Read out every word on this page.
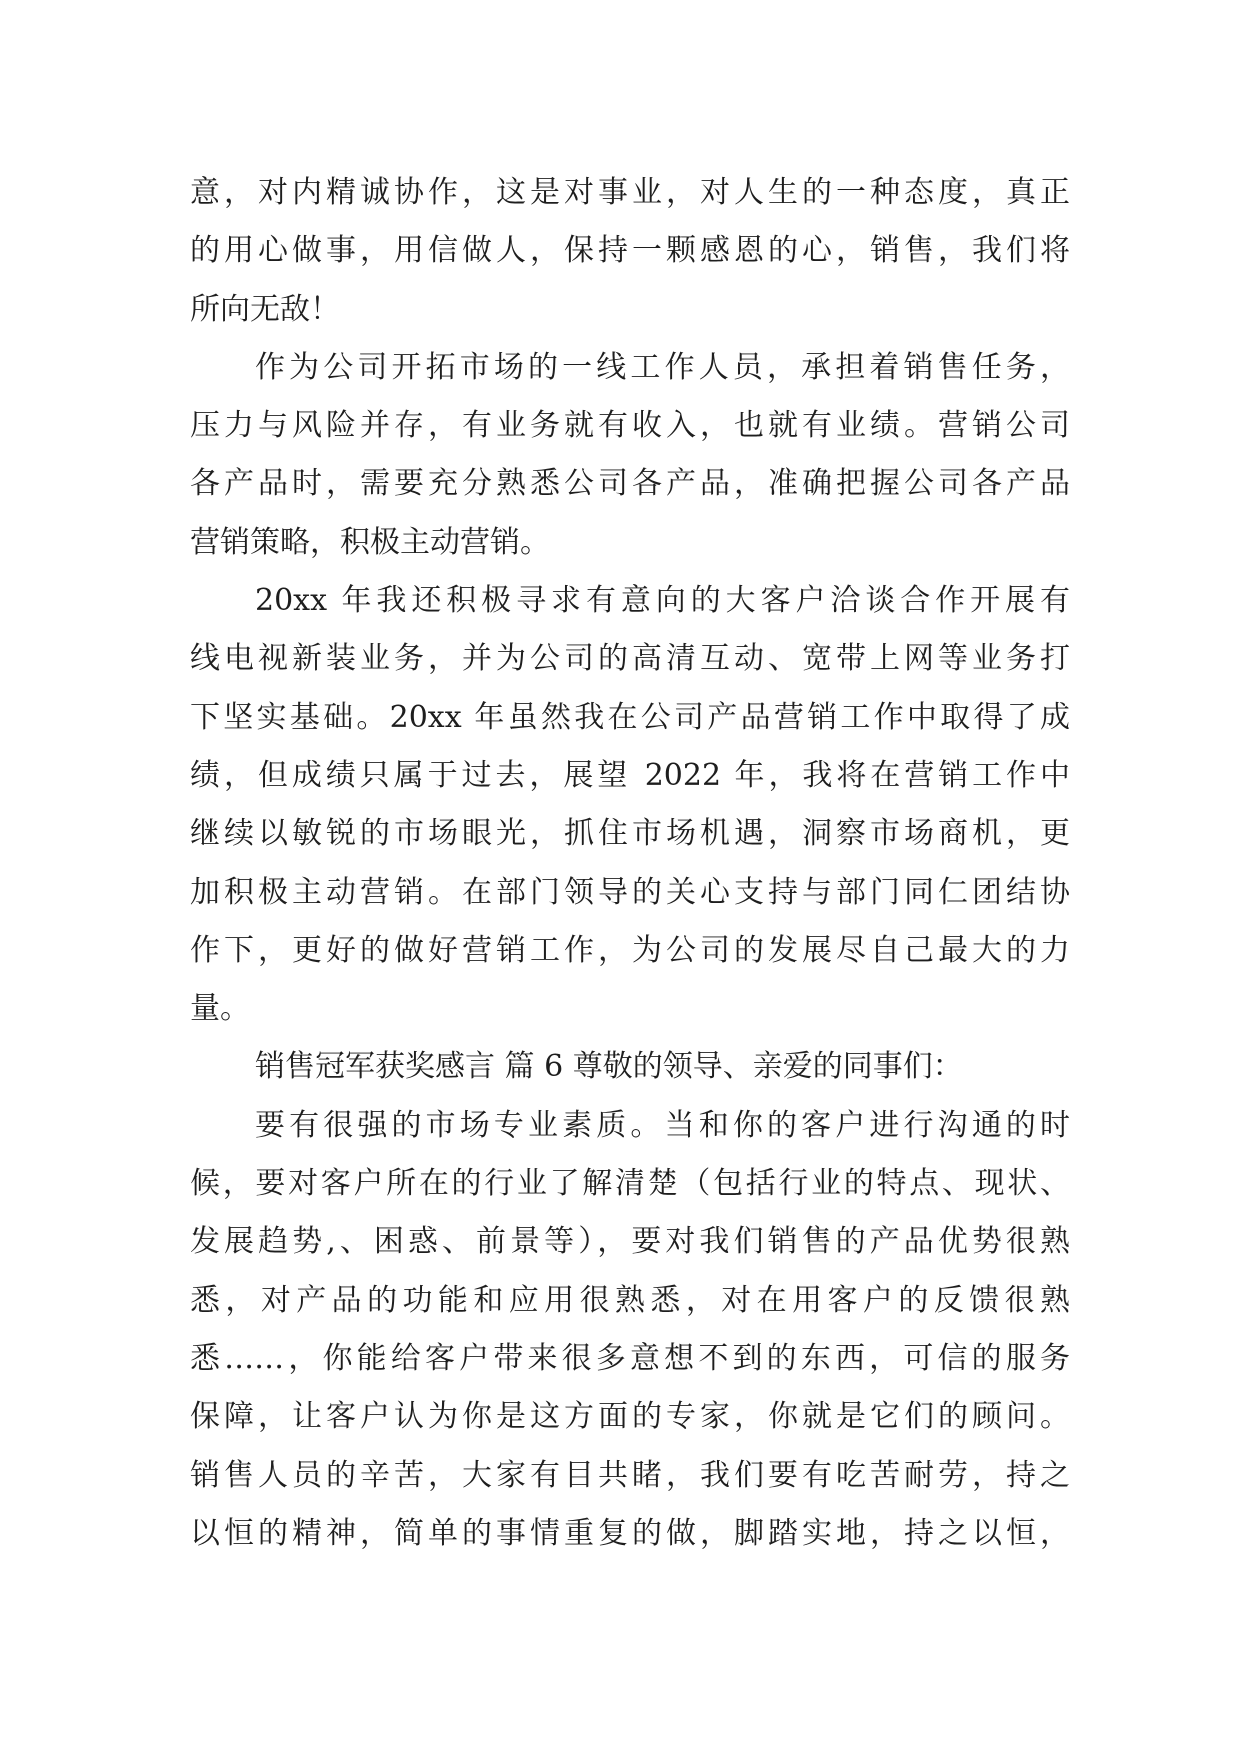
意，对内精诚协作，这是对事业，对人生的一种态度，真正
的用心做事，用信做人，保持一颗感恩的心，销售，我们将
所向无敌！
作为公司开拓市场的一线工作人员，承担着销售任务，
压力与风险并存，有业务就有收入，也就有业绩。营销公司
各产品时，需要充分熟悉公司各产品，准确把握公司各产品
营销策略，积极主动营销。
20xx 年我还积极寻求有意向的大客户洽谈合作开展有
线电视新装业务，并为公司的高清互动、宽带上网等业务打
下坚实基础。20xx 年虽然我在公司产品营销工作中取得了成
绩，但成绩只属于过去，展望 2022 年，我将在营销工作中
继续以敏锐的市场眼光，抓住市场机遇，洞察市场商机，更
加积极主动营销。在部门领导的关心支持与部门同仁团结协
作下，更好的做好营销工作，为公司的发展尽自己最大的力
量。
销售冠军获奖感言 篇 6 尊敬的领导、亲爱的同事们：
要有很强的市场专业素质。当和你的客户进行沟通的时
候，要对客户所在的行业了解清楚（包括行业的特点、现状、
发展趋势,、困惑、前景等），要对我们销售的产品优势很熟
悉，对产品的功能和应用很熟悉，对在用客户的反馈很熟
悉……，你能给客户带来很多意想不到的东西，可信的服务
保障，让客户认为你是这方面的专家，你就是它们的顾问。
销售人员的辛苦，大家有目共睹，我们要有吃苦耐劳，持之
以恒的精神，简单的事情重复的做，脚踏实地，持之以恒，
